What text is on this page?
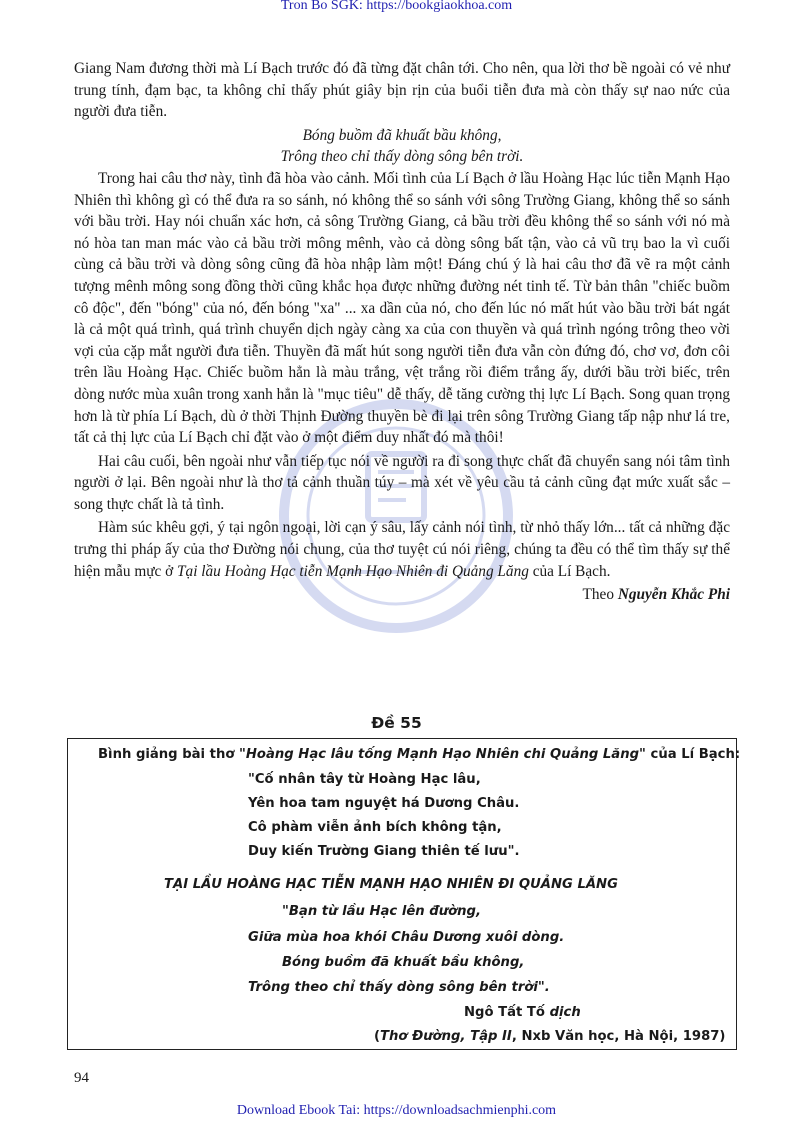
Tron Bo SGK: https://bookgiaokhoa.com

Giang Nam đương thời mà Lí Bạch trước đó đã từng đặt chân tới. Cho nên, qua lời thơ bề ngoài có vẻ như trung tính, đạm bạc, ta không chỉ thấy phút giây bịn rịn của buổi tiễn đưa mà còn thấy sự nao nức của người đưa tiễn.

Bóng buồm đã khuất bầu không,

Trông theo chỉ thấy dòng sông bên trời.

Trong hai câu thơ này, tình đã hòa vào cảnh. Mối tình của Lí Bạch ở lầu Hoàng Hạc lúc tiễn Mạnh Hạo Nhiên thì không gì có thể đưa ra so sánh, nó không thể so sánh với sông Trường Giang, không thể so sánh với bầu trời. Hay nói chuẩn xác hơn, cả sông Trường Giang, cả bầu trời đều không thể so sánh với nó mà nó hòa tan man mác vào cả bầu trời mông mênh, vào cả dòng sông bất tận, vào cả vũ trụ bao la vì cuối cùng cả bầu trời và dòng sông cũng đã hòa nhập làm một! Đáng chú ý là hai câu thơ đã vẽ ra một cảnh tượng mênh mông song đồng thời cũng khắc họa được những đường nét tinh tế. Từ bản thân "chiếc buồm cô độc", đến "bóng" của nó, đến bóng "xa" ... xa dần của nó, cho đến lúc nó mất hút vào bầu trời bát ngát là cả một quá trình, quá trình chuyển dịch ngày càng xa của con thuyền và quá trình ngóng trông theo vời vợi của cặp mắt người đưa tiễn. Thuyền đã mất hút song người tiễn đưa vẫn còn đứng đó, chơ vơ, đơn côi trên lầu Hoàng Hạc. Chiếc buồm hẳn là màu trắng, vệt trắng rồi điểm trắng ấy, dưới bầu trời biếc, trên dòng nước mùa xuân trong xanh hẳn là "mục tiêu" dễ thấy, dễ tăng cường thị lực Lí Bạch. Song quan trọng hơn là từ phía Lí Bạch, dù ở thời Thịnh Đường thuyền bè đi lại trên sông Trường Giang tấp nập như lá tre, tất cả thị lực của Lí Bạch chỉ đặt vào ở một điểm duy nhất đó mà thôi!

Hai câu cuối, bên ngoài như vẫn tiếp tục nói về người ra đi song thực chất đã chuyển sang nói tâm tình người ở lại. Bên ngoài như là thơ tả cảnh thuần túy – mà xét về yêu cầu tả cảnh cũng đạt mức xuất sắc – song thực chất là tả tình.

Hàm súc khêu gợi, ý tại ngôn ngoại, lời cạn ý sâu, lấy cảnh nói tình, từ nhỏ thấy lớn... tất cả những đặc trưng thi pháp ấy của thơ Đường nói chung, của thơ tuyệt cú nói riêng, chúng ta đều có thể tìm thấy sự thể hiện mẫu mực ở Tại lầu Hoàng Hạc tiễn Mạnh Hạo Nhiên đi Quảng Lăng của Lí Bạch.

Theo Nguyễn Khắc Phi

Đề 55
Bình giảng bài thơ "Hoàng Hạc lâu tống Mạnh Hạo Nhiên chi Quảng Lăng" của Lí Bạch:
"Cố nhân tây từ Hoàng Hạc lâu,
Yên hoa tam nguyệt há Dương Châu.
Cô phàm viễn ảnh bích không tận,
Duy kiến Trường Giang thiên tế lưu".
TẠI LẦU HOÀNG HẠC TIỄN MẠNH HẠO NHIÊN ĐI QUẢNG LĂNG
"Bạn từ lầu Hạc lên đường,
Giữa mùa hoa khói Châu Dương xuôi dòng.
Bóng buồm đã khuất bầu không,
Trông theo chỉ thấy dòng sông bên trời".
Ngô Tất Tố dịch
(Thơ Đường, Tập II, Nxb Văn học, Hà Nội, 1987)
94
Download Ebook Tai: https://downloadsachmienphi.com
